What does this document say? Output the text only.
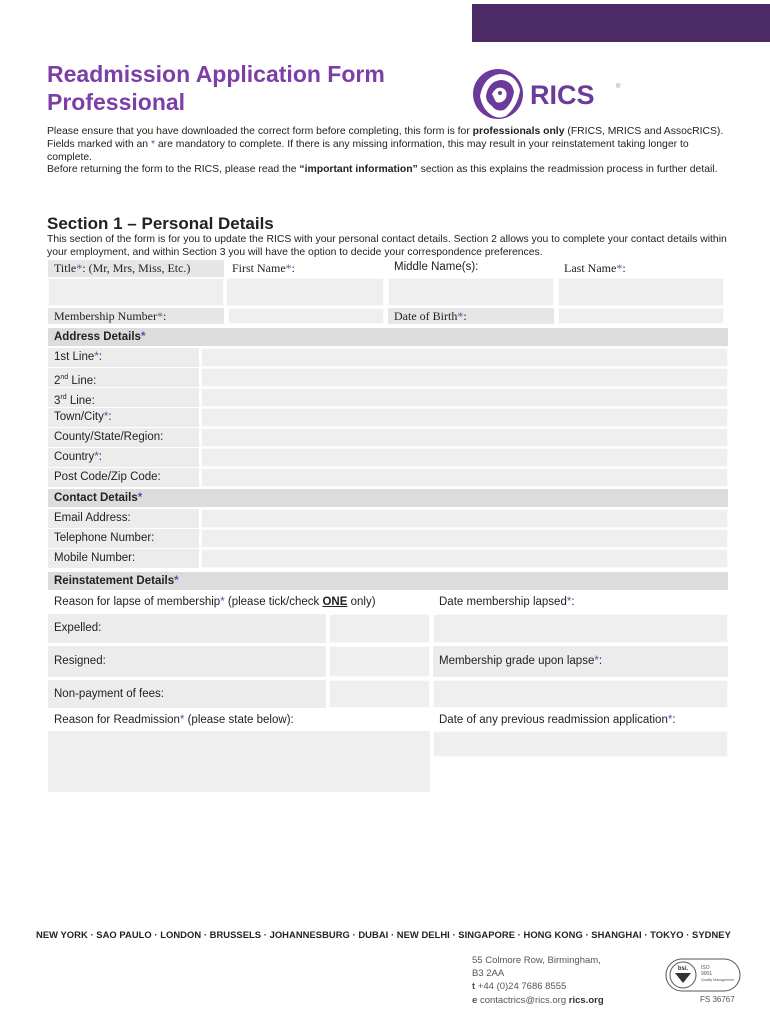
Readmission Application Form
Professional	RICS	®

Please ensure that you have downloaded the correct form before completing, this form is for professionals only (FRICS, MRICS and AssocRICS).

Fields marked with an * are mandatory to complete. If there is any missing information, this may result in your reinstatement taking longer to complete.

Before returning the form to the RICS, please read the “important information” section as this explains the readmission process in further detail.

Section 1 – Personal Details
This section of the form is for you to update the RICS with your personal contact details. Section 2 allows you to complete your contact details within your employment, and within Section 3 you will have the option to decide your correspondence preferences.
Title*: (Mr, Mrs, Miss, Etc.)	First Name*:	Middle Name(s):	Last Name*:
Membership Number*:	Date of Birth*:
Address Details*
1st Line*:
2nd Line:
3rd Line:
Town/City*:
County/State/Region:
Country*:
Post Code/Zip Code:
Contact Details*
Email Address:
Telephone Number:
Mobile Number:
Reinstatement Details*
Reason for lapse of membership* (please tick/check ONE only)	Date membership lapsed*:
Expelled:
Resigned:	Membership grade upon lapse*:
Non-payment of fees:
Reason for Readmission* (please state below):	Date of any previous readmission application*:
NEW YORK · SAO PAULO · LONDON · BRUSSELS · JOHANNESBURG · DUBAI · NEW DELHI · SINGAPORE · HONG KONG · SHANGHAI · TOKYO · SYDNEY
55 Colmore Row, Birmingham,
B3 2AA
t +44 (0)24 7686 8555
e contactrics@rics.org rics.org
bsi.	ISO
9001
Quality Management
FS 36767
